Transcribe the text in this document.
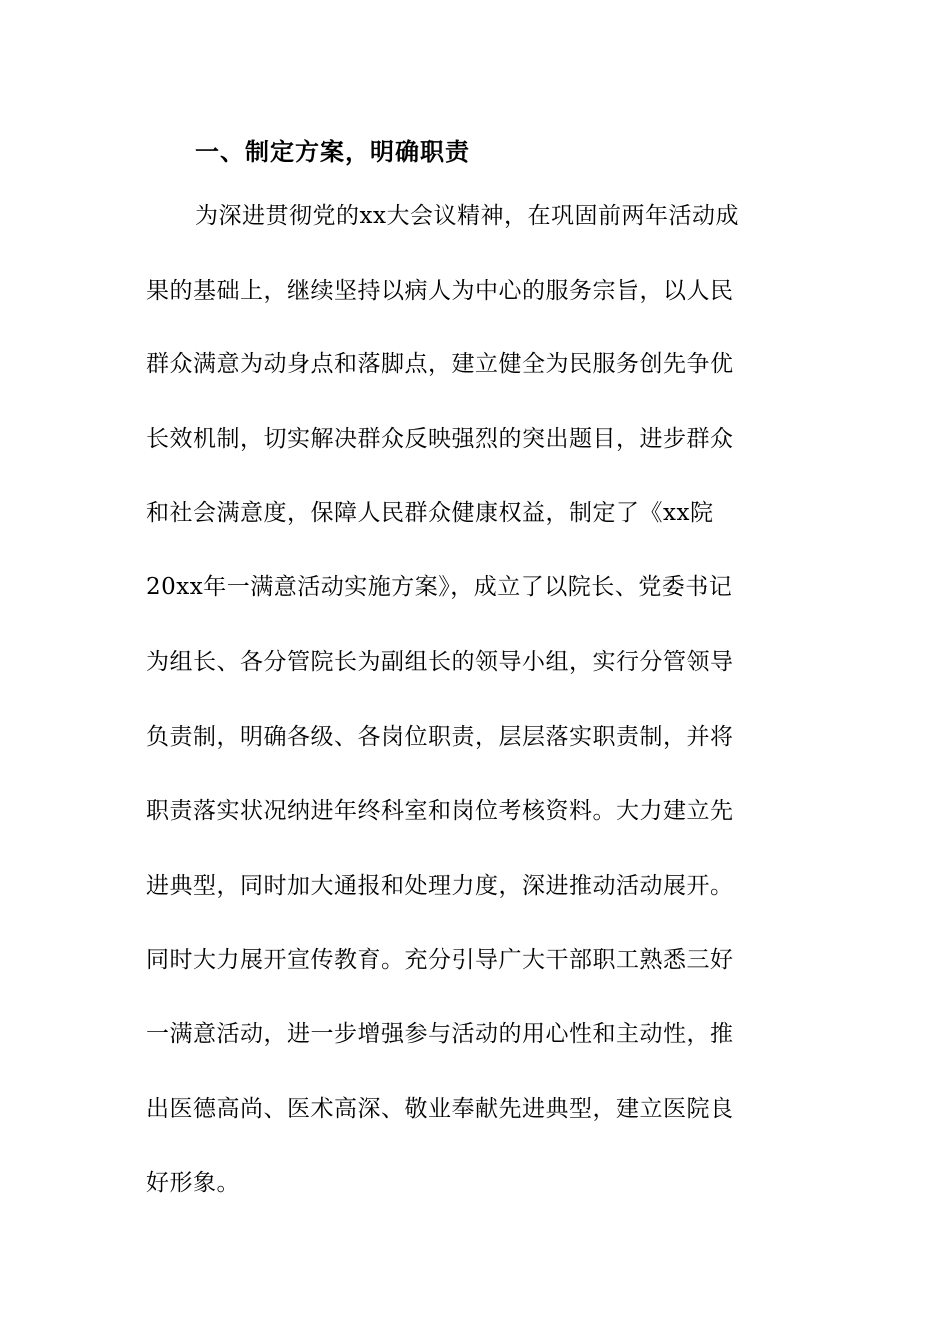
一、制定方案，明确职责
为深进贯彻党的xx大会议精神，在巩固前两年活动成
果的基础上，继续坚持以病人为中心的服务宗旨，以人民
群众满意为动身点和落脚点，建立健全为民服务创先争优
长效机制，切实解决群众反映强烈的突出题目，进步群众
和社会满意度，保障人民群众健康权益，制定了《xx院
20xx年一满意活动实施方案》，成立了以院长、党委书记
为组长、各分管院长为副组长的领导小组，实行分管领导
负责制，明确各级、各岗位职责，层层落实职责制，并将
职责落实状况纳进年终科室和岗位考核资料。大力建立先
进典型，同时加大通报和处理力度，深进推动活动展开。
同时大力展开宣传教育。充分引导广大干部职工熟悉三好
一满意活动，进一步增强参与活动的用心性和主动性，推
出医德高尚、医术高深、敬业奉献先进典型，建立医院良
好形象。
